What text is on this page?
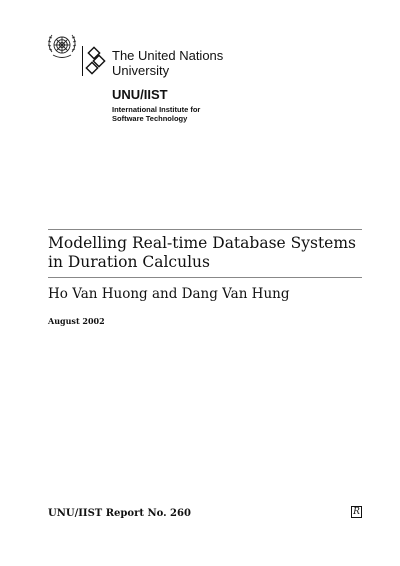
The United Nations
University
UNU/IIST
International Institute for
Software Technology
Modelling Real-time Database Systems
in Duration Calculus
Ho Van Huong and Dang Van Hung
August 2002
UNU/IIST Report No. 260	R
